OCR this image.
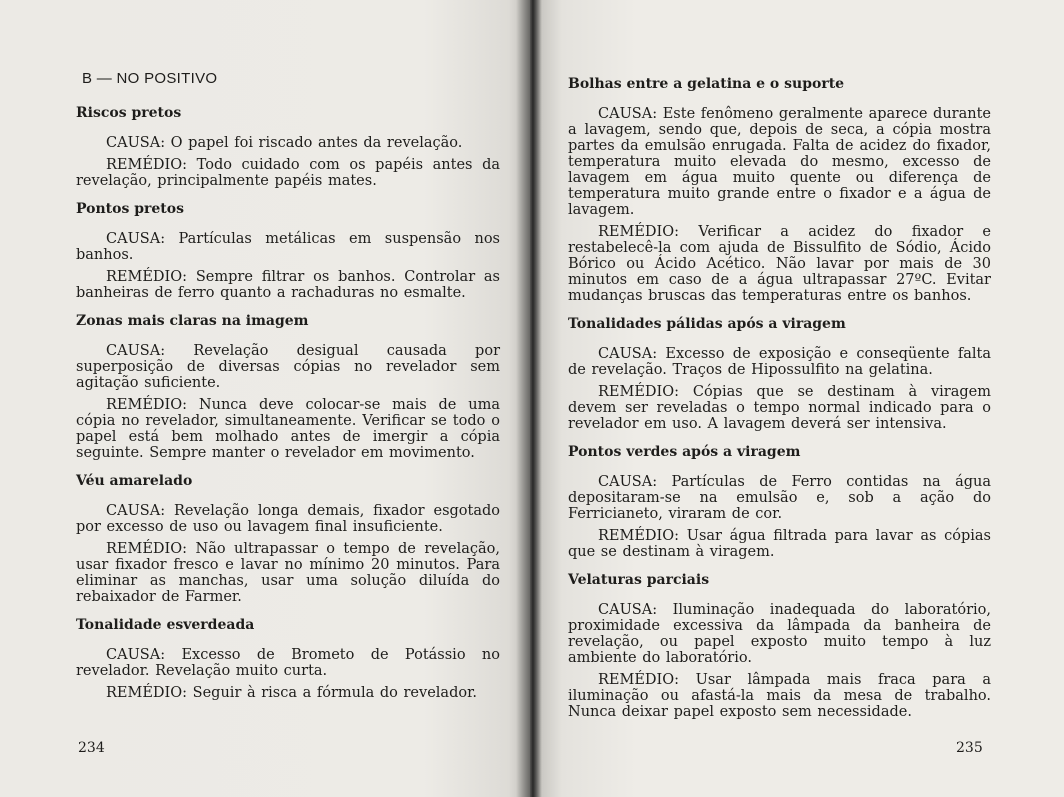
B — NO POSITIVO
Riscos pretos

CAUSA: O papel foi riscado antes da revelação.

REMÉDIO: Todo cuidado com os papéis antes da revelação, principalmente papéis mates.

Pontos pretos

CAUSA: Partículas metálicas em suspensão nos banhos.

REMÉDIO: Sempre filtrar os banhos. Controlar as banheiras de ferro quanto a rachaduras no esmalte.

Zonas mais claras na imagem

CAUSA: Revelação desigual causada por superposição de diversas cópias no revelador sem agitação suficiente.

REMÉDIO: Nunca deve colocar-se mais de uma cópia no revelador, simultaneamente. Verificar se todo o papel está bem molhado antes de imergir a cópia seguinte. Sempre manter o revelador em movimento.

Véu amarelado

CAUSA: Revelação longa demais, fixador esgotado por excesso de uso ou lavagem final insuficiente.

REMÉDIO: Não ultrapassar o tempo de revelação, usar fixador fresco e lavar no mínimo 20 minutos. Para eliminar as manchas, usar uma solução diluída do rebaixador de Farmer.

Tonalidade esverdeada

CAUSA: Excesso de Brometo de Potássio no revelador. Revelação muito curta.

REMÉDIO: Seguir à risca a fórmula do revelador.

234
Bolhas entre a gelatina e o suporte

CAUSA: Este fenômeno geralmente aparece durante a lavagem, sendo que, depois de seca, a cópia mostra partes da emulsão enrugada. Falta de acidez do fixador, temperatura muito elevada do mesmo, excesso de lavagem em água muito quente ou diferença de temperatura muito grande entre o fixador e a água de lavagem.

REMÉDIO: Verificar a acidez do fixador e restabelecê-la com ajuda de Bissulfito de Sódio, Ácido Bórico ou Ácido Acético. Não lavar por mais de 30 minutos em caso de a água ultrapassar 27ºC. Evitar mudanças bruscas das temperaturas entre os banhos.

Tonalidades pálidas após a viragem

CAUSA: Excesso de exposição e conseqüente falta de revelação. Traços de Hipossulfito na gelatina.

REMÉDIO: Cópias que se destinam à viragem devem ser reveladas o tempo normal indicado para o revelador em uso. A lavagem deverá ser intensiva.

Pontos verdes após a viragem

CAUSA: Partículas de Ferro contidas na água depositaram-se na emulsão e, sob a ação do Ferricianeto, viraram de cor.

REMÉDIO: Usar água filtrada para lavar as cópias que se destinam à viragem.

Velaturas parciais

CAUSA: Iluminação inadequada do laboratório, proximidade excessiva da lâmpada da banheira de revelação, ou papel exposto muito tempo à luz ambiente do laboratório.

REMÉDIO: Usar lâmpada mais fraca para a iluminação ou afastá-la mais da mesa de trabalho. Nunca deixar papel exposto sem necessidade.

235
